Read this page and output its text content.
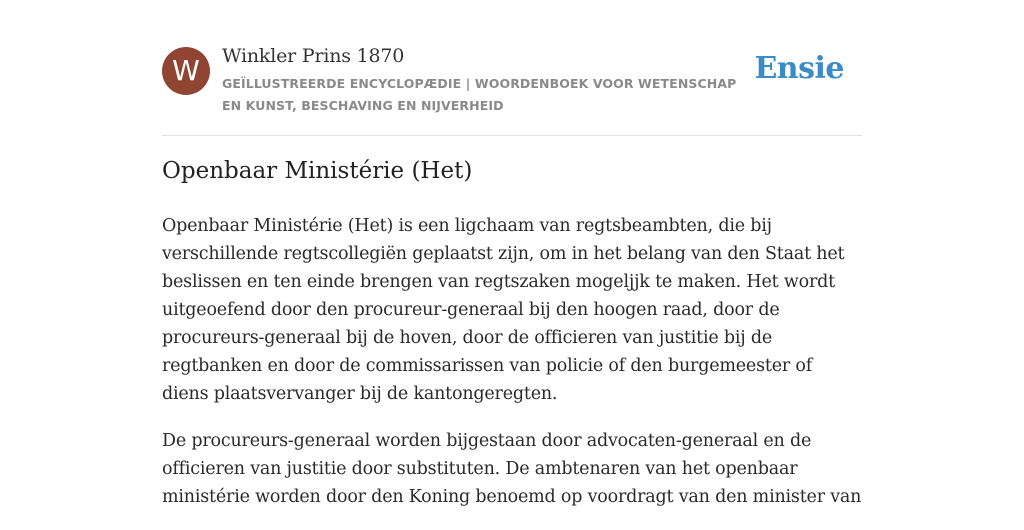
W	Winkler Prins 1870
GEÏLLUSTREERDE ENCYCLOPÆDIE | WOORDENBOEK VOOR WETENSCHAP EN KUNST, BESCHAVING EN NIJVERHEID
Ensie
Openbaar Ministérie (Het)

Openbaar Ministérie (Het) is een ligchaam van regtsbeambten, die bij verschillende regtscollegiën geplaatst zijn, om in het belang van den Staat het beslissen en ten einde brengen van regtszaken mogeljjk te maken. Het wordt uitgeoefend door den procureur-generaal bij den hoogen raad, door de procureurs-generaal bij de hoven, door de officieren van justitie bij de regtbanken en door de commissarissen van policie of den burgemeester of diens plaatsvervanger bij de kantongeregten.

De procureurs-generaal worden bijgestaan door advocaten-generaal en de officieren van justitie door substituten. De ambtenaren van het openbaar ministérie worden door den Koning benoemd op voordragt van den minister van
